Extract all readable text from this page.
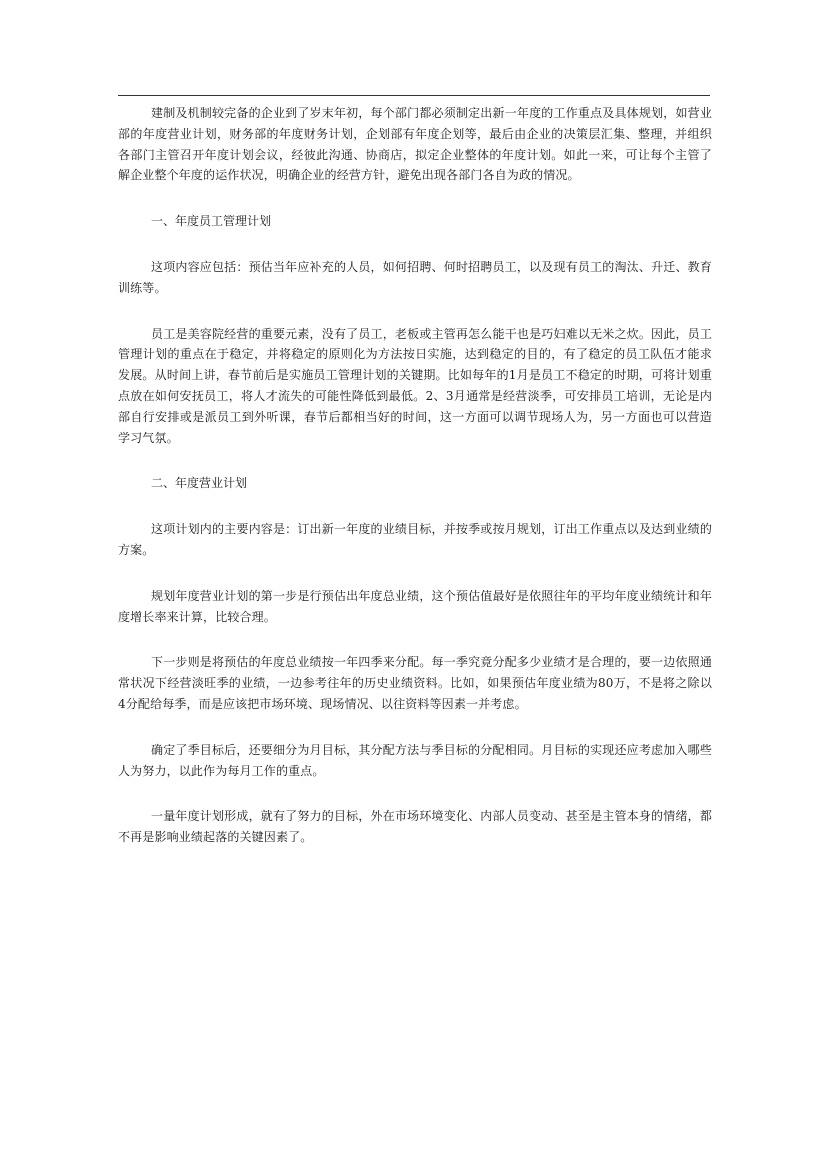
建制及机制较完备的企业到了岁末年初，每个部门都必须制定出新一年度的工作重点及具体规划，如营业部的年度营业计划，财务部的年度财务计划，企划部有年度企划等，最后由企业的决策层汇集、整理，并组织各部门主管召开年度计划会议，经彼此沟通、协商店，拟定企业整体的年度计划。如此一来，可让每个主管了解企业整个年度的运作状况，明确企业的经营方针，避免出现各部门各自为政的情况。

一、年度员工管理计划

这项内容应包括：预估当年应补充的人员，如何招聘、何时招聘员工，以及现有员工的淘汰、升迁、教育训练等。

员工是美容院经营的重要元素，没有了员工，老板或主管再怎么能干也是巧妇难以无米之炊。因此，员工管理计划的重点在于稳定，并将稳定的原则化为方法按日实施，达到稳定的目的，有了稳定的员工队伍才能求发展。从时间上讲，春节前后是实施员工管理计划的关键期。比如每年的1月是员工不稳定的时期，可将计划重点放在如何安抚员工，将人才流失的可能性降低到最低。2、3月通常是经营淡季，可安排员工培训，无论是内部自行安排或是派员工到外听课，春节后都相当好的时间，这一方面可以调节现场人为，另一方面也可以营造学习气氛。

二、年度营业计划

这项计划内的主要内容是：订出新一年度的业绩目标，并按季或按月规划，订出工作重点以及达到业绩的方案。

规划年度营业计划的第一步是行预估出年度总业绩，这个预估值最好是依照往年的平均年度业绩统计和年度增长率来计算，比较合理。

下一步则是将预估的年度总业绩按一年四季来分配。每一季究竟分配多少业绩才是合理的，要一边依照通常状况下经营淡旺季的业绩，一边参考往年的历史业绩资料。比如，如果预估年度业绩为80万，不是将之除以4分配给每季，而是应该把市场环境、现场情况、以往资料等因素一并考虑。

确定了季目标后，还要细分为月目标，其分配方法与季目标的分配相同。月目标的实现还应考虑加入哪些人为努力，以此作为每月工作的重点。

一量年度计划形成，就有了努力的目标，外在市场环境变化、内部人员变动、甚至是主管本身的情绪，都不再是影响业绩起落的关键因素了。
